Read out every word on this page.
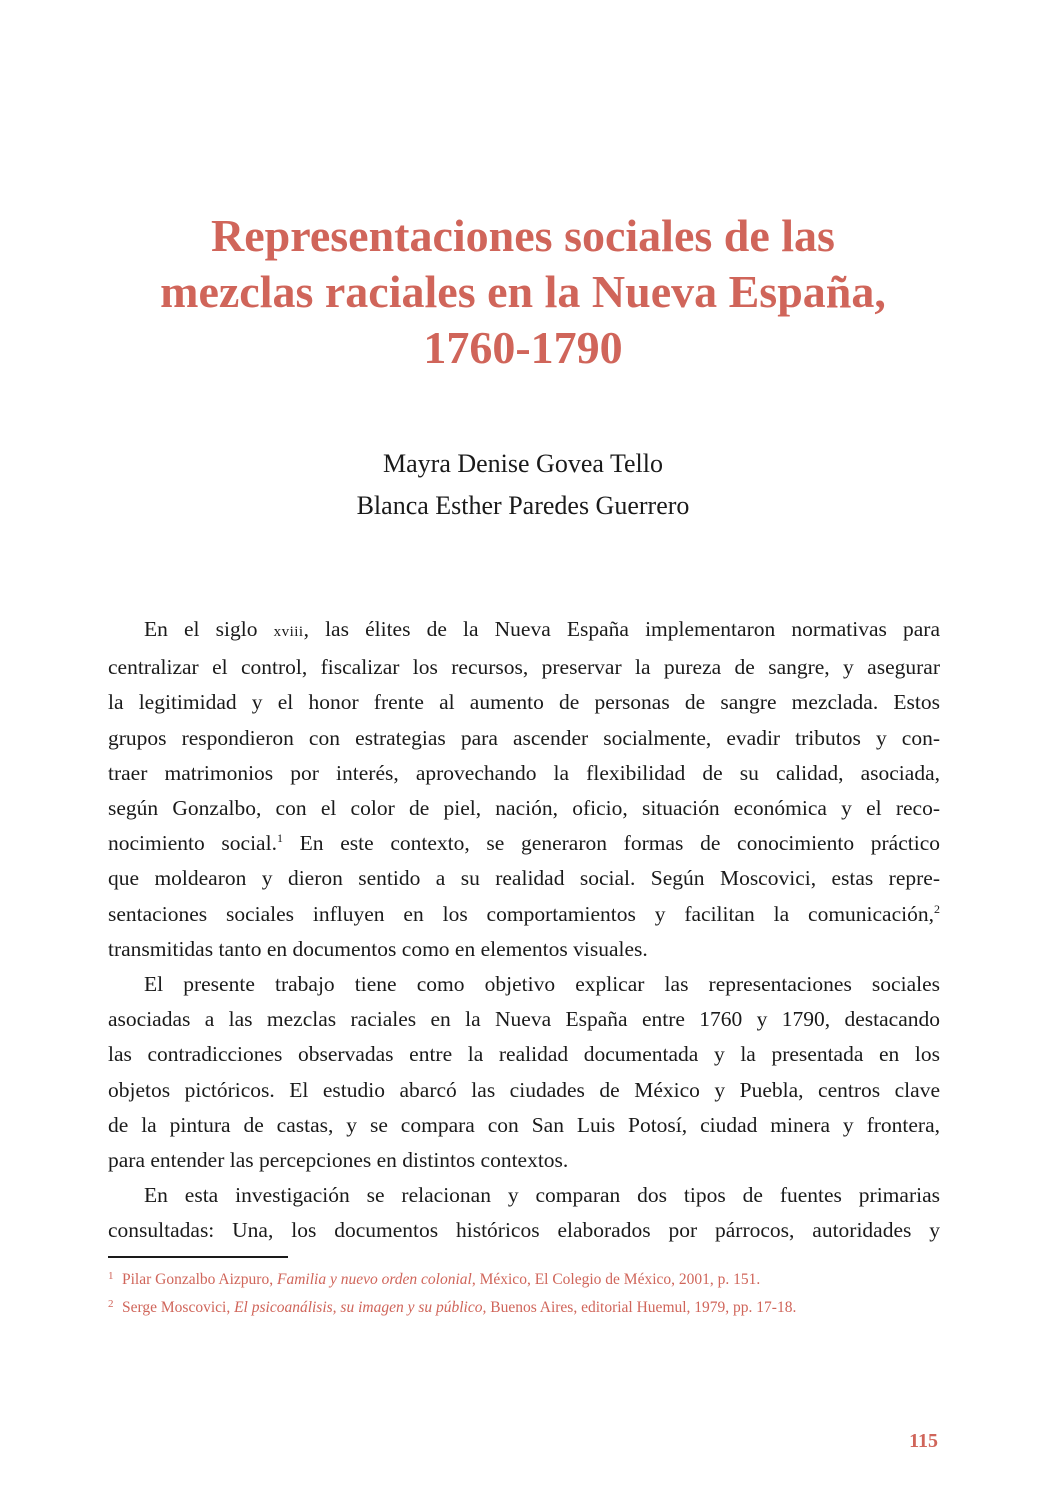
Representaciones sociales de las
mezclas raciales en la Nueva España,
1760-1790
Mayra Denise Govea Tello
Blanca Esther Paredes Guerrero
En el siglo xviii, las élites de la Nueva España implementaron normativas para
centralizar el control, fiscalizar los recursos, preservar la pureza de sangre, y asegurar
la legitimidad y el honor frente al aumento de personas de sangre mezclada. Estos
grupos respondieron con estrategias para ascender socialmente, evadir tributos y con-
traer matrimonios por interés, aprovechando la flexibilidad de su calidad, asociada,
según Gonzalbo, con el color de piel, nación, oficio, situación económica y el reco-
nocimiento social.$^1$ En este contexto, se generaron formas de conocimiento práctico
que moldearon y dieron sentido a su realidad social. Según Moscovici, estas repre-
sentaciones sociales influyen en los comportamientos y facilitan la comunicación,$^2$
transmitidas tanto en documentos como en elementos visuales.
El presente trabajo tiene como objetivo explicar las representaciones sociales
asociadas a las mezclas raciales en la Nueva España entre 1760 y 1790, destacando
las contradicciones observadas entre la realidad documentada y la presentada en los
objetos pictóricos. El estudio abarcó las ciudades de México y Puebla, centros clave
de la pintura de castas, y se compara con San Luis Potosí, ciudad minera y frontera,
para entender las percepciones en distintos contextos.
En esta investigación se relacionan y comparan dos tipos de fuentes primarias
consultadas: Una, los documentos históricos elaborados por párrocos, autoridades y
1 Pilar Gonzalbo Aizpuro, Familia y nuevo orden colonial, México, El Colegio de México, 2001, p. 151.
2 Serge Moscovici, El psicoanálisis, su imagen y su público, Buenos Aires, editorial Huemul, 1979, pp. 17-18.
115
